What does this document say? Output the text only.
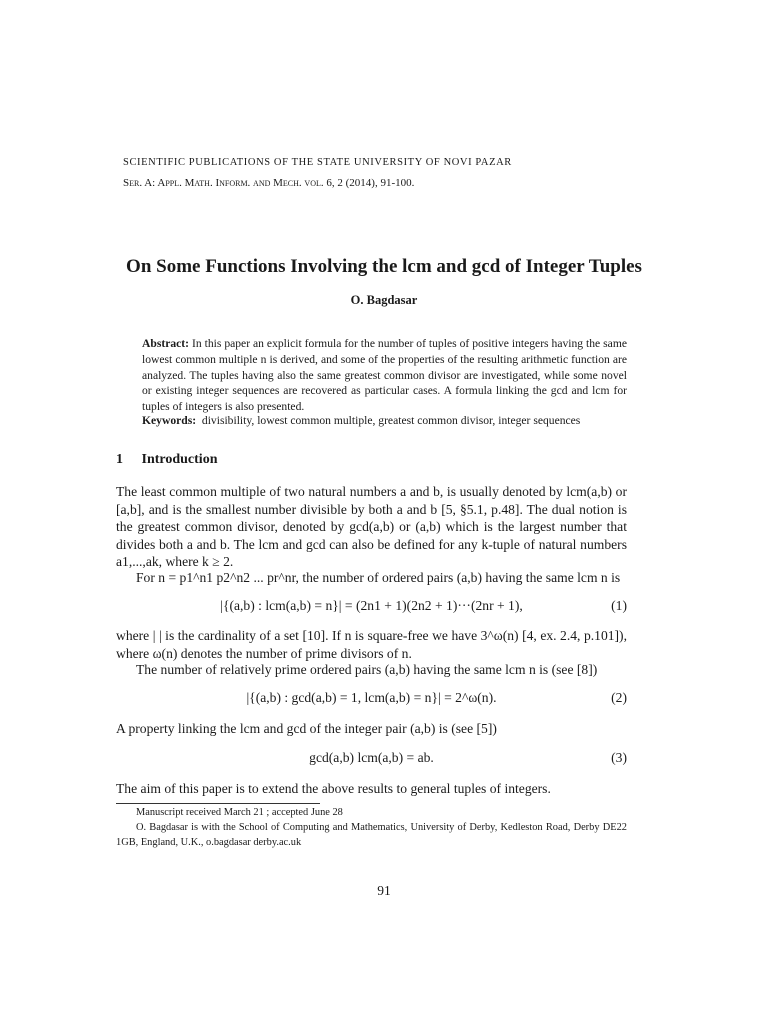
SCIENTIFIC PUBLICATIONS OF THE STATE UNIVERSITY OF NOVI PAZAR
Ser. A: Appl. Math. Inform. and Mech. vol. 6, 2 (2014), 91-100.
On Some Functions Involving the lcm and gcd of Integer Tuples
O. Bagdasar
Abstract: In this paper an explicit formula for the number of tuples of positive integers having the same lowest common multiple n is derived, and some of the properties of the resulting arithmetic function are analyzed. The tuples having also the same greatest common divisor are investigated, while some novel or existing integer sequences are recovered as particular cases. A formula linking the gcd and lcm for tuples of integers is also presented.
Keywords: divisibility, lowest common multiple, greatest common divisor, integer sequences
1 Introduction
The least common multiple of two natural numbers a and b, is usually denoted by lcm(a,b) or [a,b], and is the smallest number divisible by both a and b [5, §5.1, p.48]. The dual notion is the greatest common divisor, denoted by gcd(a,b) or (a,b) which is the largest number that divides both a and b. The lcm and gcd can also be defined for any k-tuple of natural numbers a1,...,ak, where k ≥ 2.
For n = p1^n1 p2^n2 ... pr^nr, the number of ordered pairs (a,b) having the same lcm n is
|{(a,b) : lcm(a,b) = n}| = (2n1 + 1)(2n2 + 1)···(2nr + 1),	(1)
where | | is the cardinality of a set [10]. If n is square-free we have 3^ω(n) [4, ex. 2.4, p.101]), where ω(n) denotes the number of prime divisors of n.
The number of relatively prime ordered pairs (a,b) having the same lcm n is (see [8])
|{(a,b) : gcd(a,b) = 1, lcm(a,b) = n}| = 2^ω(n).	(2)
A property linking the lcm and gcd of the integer pair (a,b) is (see [5])
gcd(a,b) lcm(a,b) = ab.	(3)
The aim of this paper is to extend the above results to general tuples of integers.
Manuscript received March 21 ; accepted June 28
O. Bagdasar is with the School of Computing and Mathematics, University of Derby, Kedleston Road, Derby DE22 1GB, England, U.K., o.bagdasar derby.ac.uk
91
